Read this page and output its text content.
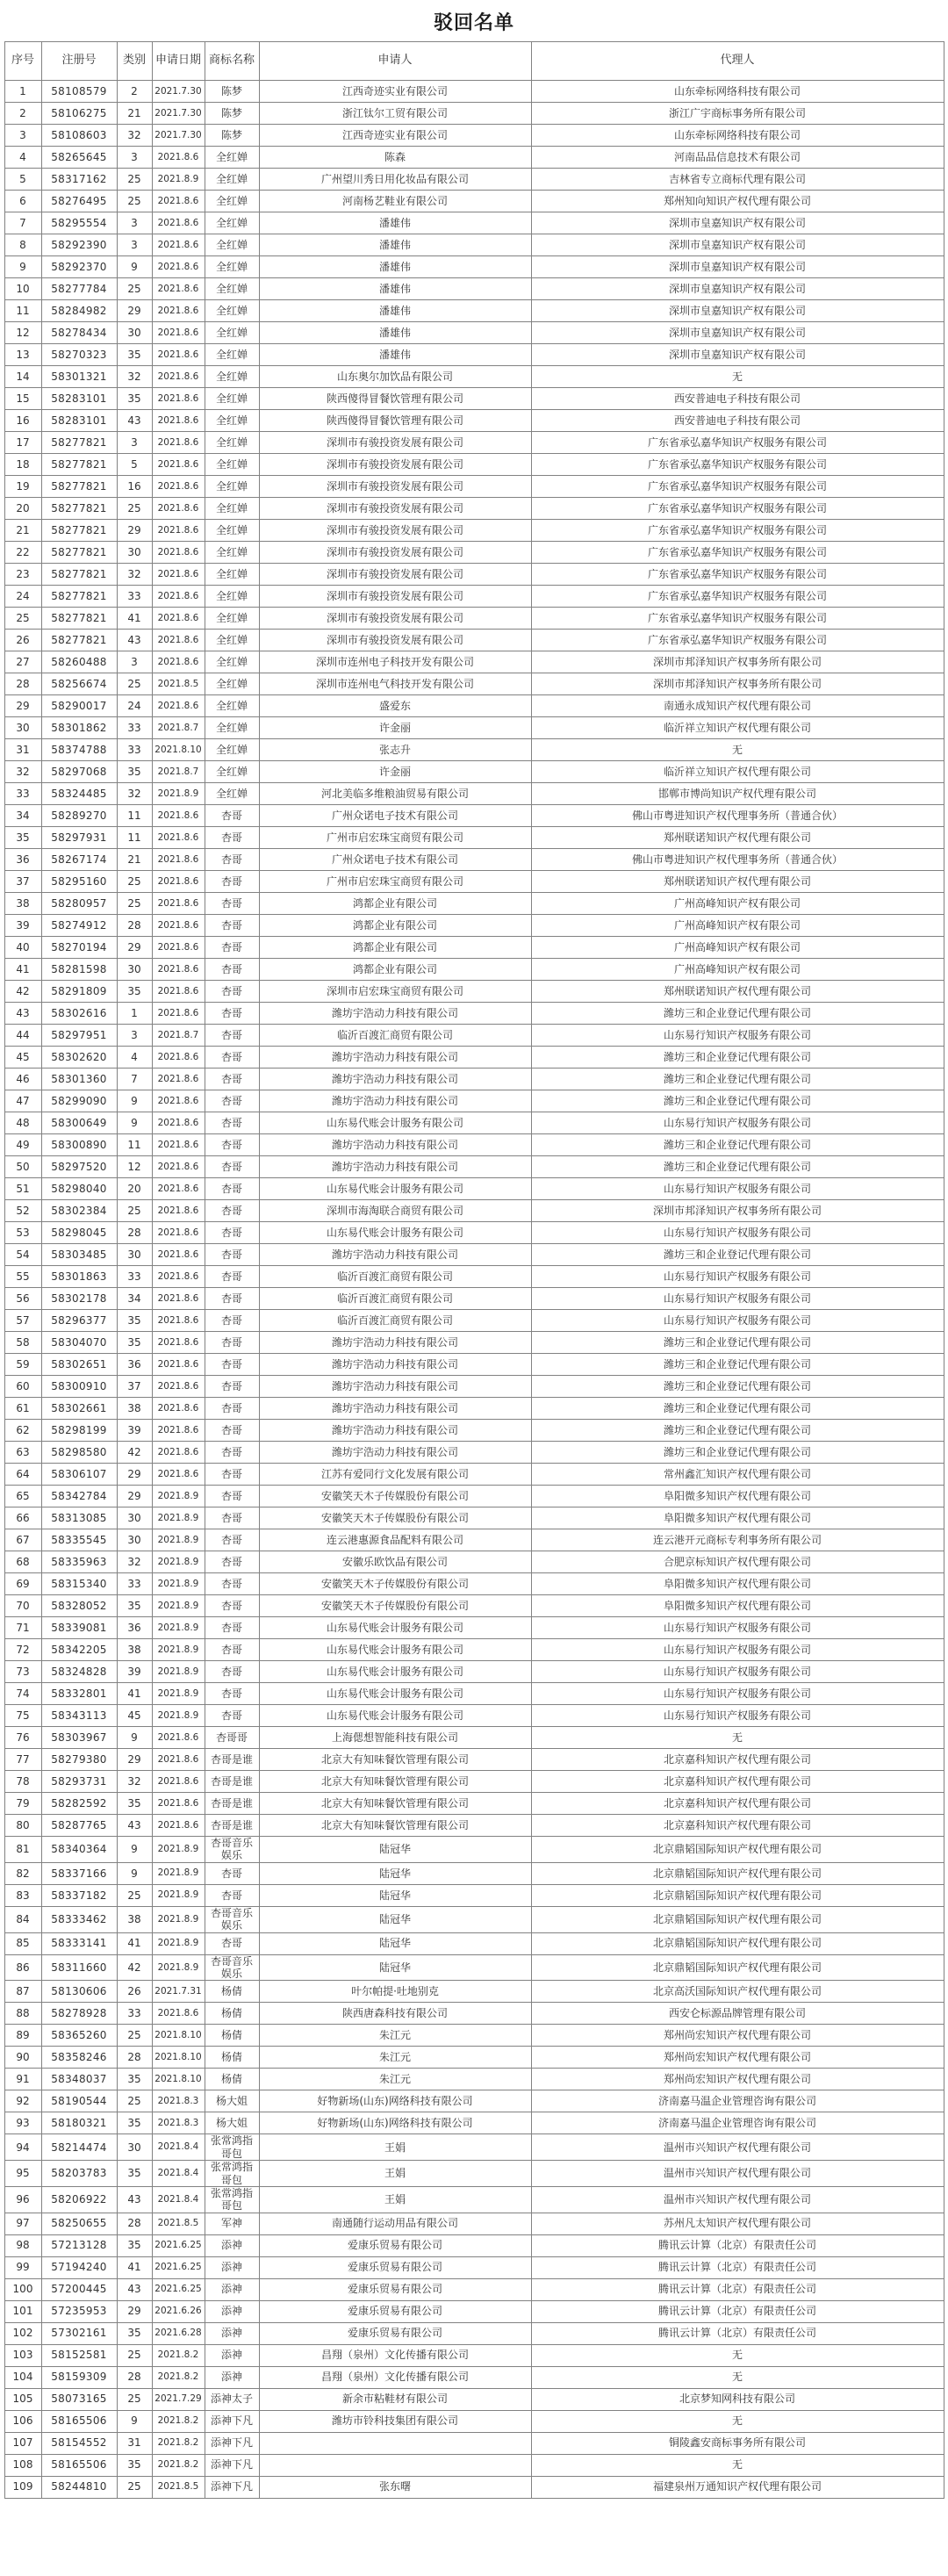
驳回名单
序号	注册号	类别	申请日期	商标名称	申请人	代理人
1	58108579	2	2021.7.30	陈梦	江西奇迹实业有限公司	山东牵标网络科技有限公司
2	58106275	21	2021.7.30	陈梦	浙江钛尔工贸有限公司	浙江广宇商标事务所有限公司
3	58108603	32	2021.7.30	陈梦	江西奇迹实业有限公司	山东牵标网络科技有限公司
4	58265645	3	2021.8.6	全红婵	陈森	河南品品信息技术有限公司
5	58317162	25	2021.8.9	全红婵	广州望川秀日用化妆品有限公司	吉林省专立商标代理有限公司
6	58276495	25	2021.8.6	全红婵	河南杨艺鞋业有限公司	郑州知向知识产权代理有限公司
7	58295554	3	2021.8.6	全红婵	潘雄伟	深圳市皇嘉知识产权有限公司
8	58292390	3	2021.8.6	全红婵	潘雄伟	深圳市皇嘉知识产权有限公司
9	58292370	9	2021.8.6	全红婵	潘雄伟	深圳市皇嘉知识产权有限公司
10	58277784	25	2021.8.6	全红婵	潘雄伟	深圳市皇嘉知识产权有限公司
11	58284982	29	2021.8.6	全红婵	潘雄伟	深圳市皇嘉知识产权有限公司
12	58278434	30	2021.8.6	全红婵	潘雄伟	深圳市皇嘉知识产权有限公司
13	58270323	35	2021.8.6	全红婵	潘雄伟	深圳市皇嘉知识产权有限公司
14	58301321	32	2021.8.6	全红婵	山东奥尔加饮品有限公司	无
15	58283101	35	2021.8.6	全红婵	陕西傻得冒餐饮管理有限公司	西安普迪电子科技有限公司
16	58283101	43	2021.8.6	全红婵	陕西傻得冒餐饮管理有限公司	西安普迪电子科技有限公司
17	58277821	3	2021.8.6	全红婵	深圳市有骏投资发展有限公司	广东省承弘嘉华知识产权服务有限公司
18	58277821	5	2021.8.6	全红婵	深圳市有骏投资发展有限公司	广东省承弘嘉华知识产权服务有限公司
19	58277821	16	2021.8.6	全红婵	深圳市有骏投资发展有限公司	广东省承弘嘉华知识产权服务有限公司
20	58277821	25	2021.8.6	全红婵	深圳市有骏投资发展有限公司	广东省承弘嘉华知识产权服务有限公司
21	58277821	29	2021.8.6	全红婵	深圳市有骏投资发展有限公司	广东省承弘嘉华知识产权服务有限公司
22	58277821	30	2021.8.6	全红婵	深圳市有骏投资发展有限公司	广东省承弘嘉华知识产权服务有限公司
23	58277821	32	2021.8.6	全红婵	深圳市有骏投资发展有限公司	广东省承弘嘉华知识产权服务有限公司
24	58277821	33	2021.8.6	全红婵	深圳市有骏投资发展有限公司	广东省承弘嘉华知识产权服务有限公司
25	58277821	41	2021.8.6	全红婵	深圳市有骏投资发展有限公司	广东省承弘嘉华知识产权服务有限公司
26	58277821	43	2021.8.6	全红婵	深圳市有骏投资发展有限公司	广东省承弘嘉华知识产权服务有限公司
27	58260488	3	2021.8.6	全红婵	深圳市连州电子科技开发有限公司	深圳市邦泽知识产权事务所有限公司
28	58256674	25	2021.8.5	全红婵	深圳市连州电气科技开发有限公司	深圳市邦泽知识产权事务所有限公司
29	58290017	24	2021.8.6	全红婵	盛爱东	南通永成知识产权代理有限公司
30	58301862	33	2021.8.7	全红婵	许金丽	临沂祥立知识产权代理有限公司
31	58374788	33	2021.8.10	全红婵	张志升	无
32	58297068	35	2021.8.7	全红婵	许金丽	临沂祥立知识产权代理有限公司
33	58324485	32	2021.8.9	全红婵	河北美临多维粮油贸易有限公司	邯郸市博尚知识产权代理有限公司
34	58289270	11	2021.8.6	杏哥	广州众诺电子技术有限公司	佛山市粤进知识产权代理事务所（普通合伙）
35	58297931	11	2021.8.6	杏哥	广州市启宏珠宝商贸有限公司	郑州联诺知识产权代理有限公司
36	58267174	21	2021.8.6	杏哥	广州众诺电子技术有限公司	佛山市粤进知识产权代理事务所（普通合伙）
37	58295160	25	2021.8.6	杏哥	广州市启宏珠宝商贸有限公司	郑州联诺知识产权代理有限公司
38	58280957	25	2021.8.6	杏哥	鸿都企业有限公司	广州高峰知识产权有限公司
39	58274912	28	2021.8.6	杏哥	鸿都企业有限公司	广州高峰知识产权有限公司
40	58270194	29	2021.8.6	杏哥	鸿都企业有限公司	广州高峰知识产权有限公司
41	58281598	30	2021.8.6	杏哥	鸿都企业有限公司	广州高峰知识产权有限公司
42	58291809	35	2021.8.6	杏哥	深圳市启宏珠宝商贸有限公司	郑州联诺知识产权代理有限公司
43	58302616	1	2021.8.6	杏哥	潍坊宇浩动力科技有限公司	潍坊三和企业登记代理有限公司
44	58297951	3	2021.8.7	杏哥	临沂百渡汇商贸有限公司	山东易行知识产权服务有限公司
45	58302620	4	2021.8.6	杏哥	潍坊宇浩动力科技有限公司	潍坊三和企业登记代理有限公司
46	58301360	7	2021.8.6	杏哥	潍坊宇浩动力科技有限公司	潍坊三和企业登记代理有限公司
47	58299090	9	2021.8.6	杏哥	潍坊宇浩动力科技有限公司	潍坊三和企业登记代理有限公司
48	58300649	9	2021.8.6	杏哥	山东易代账会计服务有限公司	山东易行知识产权服务有限公司
49	58300890	11	2021.8.6	杏哥	潍坊宇浩动力科技有限公司	潍坊三和企业登记代理有限公司
50	58297520	12	2021.8.6	杏哥	潍坊宇浩动力科技有限公司	潍坊三和企业登记代理有限公司
51	58298040	20	2021.8.6	杏哥	山东易代账会计服务有限公司	山东易行知识产权服务有限公司
52	58302384	25	2021.8.6	杏哥	深圳市海淘联合商贸有限公司	深圳市邦泽知识产权事务所有限公司
53	58298045	28	2021.8.6	杏哥	山东易代账会计服务有限公司	山东易行知识产权服务有限公司
54	58303485	30	2021.8.6	杏哥	潍坊宇浩动力科技有限公司	潍坊三和企业登记代理有限公司
55	58301863	33	2021.8.6	杏哥	临沂百渡汇商贸有限公司	山东易行知识产权服务有限公司
56	58302178	34	2021.8.6	杏哥	临沂百渡汇商贸有限公司	山东易行知识产权服务有限公司
57	58296377	35	2021.8.6	杏哥	临沂百渡汇商贸有限公司	山东易行知识产权服务有限公司
58	58304070	35	2021.8.6	杏哥	潍坊宇浩动力科技有限公司	潍坊三和企业登记代理有限公司
59	58302651	36	2021.8.6	杏哥	潍坊宇浩动力科技有限公司	潍坊三和企业登记代理有限公司
60	58300910	37	2021.8.6	杏哥	潍坊宇浩动力科技有限公司	潍坊三和企业登记代理有限公司
61	58302661	38	2021.8.6	杏哥	潍坊宇浩动力科技有限公司	潍坊三和企业登记代理有限公司
62	58298199	39	2021.8.6	杏哥	潍坊宇浩动力科技有限公司	潍坊三和企业登记代理有限公司
63	58298580	42	2021.8.6	杏哥	潍坊宇浩动力科技有限公司	潍坊三和企业登记代理有限公司
64	58306107	29	2021.8.6	杏哥	江苏有爱同行文化发展有限公司	常州鑫汇知识产权代理有限公司
65	58342784	29	2021.8.9	杏哥	安徽笑天木子传媒股份有限公司	阜阳微多知识产权代理有限公司
66	58313085	30	2021.8.9	杏哥	安徽笑天木子传媒股份有限公司	阜阳微多知识产权代理有限公司
67	58335545	30	2021.8.9	杏哥	连云港惠源食品配料有限公司	连云港开元商标专利事务所有限公司
68	58335963	32	2021.8.9	杏哥	安徽乐欧饮品有限公司	合肥京标知识产权代理有限公司
69	58315340	33	2021.8.9	杏哥	安徽笑天木子传媒股份有限公司	阜阳微多知识产权代理有限公司
70	58328052	35	2021.8.9	杏哥	安徽笑天木子传媒股份有限公司	阜阳微多知识产权代理有限公司
71	58339081	36	2021.8.9	杏哥	山东易代账会计服务有限公司	山东易行知识产权服务有限公司
72	58342205	38	2021.8.9	杏哥	山东易代账会计服务有限公司	山东易行知识产权服务有限公司
73	58324828	39	2021.8.9	杏哥	山东易代账会计服务有限公司	山东易行知识产权服务有限公司
74	58332801	41	2021.8.9	杏哥	山东易代账会计服务有限公司	山东易行知识产权服务有限公司
75	58343113	45	2021.8.9	杏哥	山东易代账会计服务有限公司	山东易行知识产权服务有限公司
76	58303967	9	2021.8.6	杏哥哥	上海偲想智能科技有限公司	无
77	58279380	29	2021.8.6	杏哥是谁	北京大有知味餐饮管理有限公司	北京嘉科知识产权代理有限公司
78	58293731	32	2021.8.6	杏哥是谁	北京大有知味餐饮管理有限公司	北京嘉科知识产权代理有限公司
79	58282592	35	2021.8.6	杏哥是谁	北京大有知味餐饮管理有限公司	北京嘉科知识产权代理有限公司
80	58287765	43	2021.8.6	杏哥是谁	北京大有知味餐饮管理有限公司	北京嘉科知识产权代理有限公司
81	58340364	9	2021.8.9	杏哥音乐娱乐	陆冠华	北京鼎韬国际知识产权代理有限公司
82	58337166	9	2021.8.9	杏哥	陆冠华	北京鼎韬国际知识产权代理有限公司
83	58337182	25	2021.8.9	杏哥	陆冠华	北京鼎韬国际知识产权代理有限公司
84	58333462	38	2021.8.9	杏哥音乐娱乐	陆冠华	北京鼎韬国际知识产权代理有限公司
85	58333141	41	2021.8.9	杏哥	陆冠华	北京鼎韬国际知识产权代理有限公司
86	58311660	42	2021.8.9	杏哥音乐娱乐	陆冠华	北京鼎韬国际知识产权代理有限公司
87	58130606	26	2021.7.31	杨倩	叶尔帕提·吐地别克	北京高沃国际知识产权代理有限公司
88	58278928	33	2021.8.6	杨倩	陕西唐森科技有限公司	西安仑标源品牌管理有限公司
89	58365260	25	2021.8.10	杨倩	朱江元	郑州尚宏知识产权代理有限公司
90	58358246	28	2021.8.10	杨倩	朱江元	郑州尚宏知识产权代理有限公司
91	58348037	35	2021.8.10	杨倩	朱江元	郑州尚宏知识产权代理有限公司
92	58190544	25	2021.8.3	杨大姐	好物新场(山东)网络科技有限公司	济南嘉马温企业管理咨询有限公司
93	58180321	35	2021.8.3	杨大姐	好物新场(山东)网络科技有限公司	济南嘉马温企业管理咨询有限公司
94	58214474	30	2021.8.4	张常鸿指哥包	王娟	温州市兴知识产权代理有限公司
95	58203783	35	2021.8.4	张常鸿指哥包	王娟	温州市兴知识产权代理有限公司
96	58206922	43	2021.8.4	张常鸿指哥包	王娟	温州市兴知识产权代理有限公司
97	58250655	28	2021.8.5	军神	南通随行运动用品有限公司	苏州凡太知识产权代理有限公司
98	57213128	35	2021.6.25	添神	爱康乐贸易有限公司	腾讯云计算（北京）有限责任公司
99	57194240	41	2021.6.25	添神	爱康乐贸易有限公司	腾讯云计算（北京）有限责任公司
100	57200445	43	2021.6.25	添神	爱康乐贸易有限公司	腾讯云计算（北京）有限责任公司
101	57235953	29	2021.6.26	添神	爱康乐贸易有限公司	腾讯云计算（北京）有限责任公司
102	57302161	35	2021.6.28	添神	爱康乐贸易有限公司	腾讯云计算（北京）有限责任公司
103	58152581	25	2021.8.2	添神	昌翔（泉州）文化传播有限公司	无
104	58159309	28	2021.8.2	添神	昌翔（泉州）文化传播有限公司	无
105	58073165	25	2021.7.29	添神太子	新余市粘鞋材有限公司	北京梦知网科技有限公司
106	58165506	9	2021.8.2	添神下凡	潍坊市铃科技集团有限公司	无
107	58154552	31	2021.8.2	添神下凡		铜陵鑫安商标事务所有限公司
108	58165506	35	2021.8.2	添神下凡		无
109	58244810	25	2021.8.5	添神下凡	张东曙	福建泉州万通知识产权代理有限公司
